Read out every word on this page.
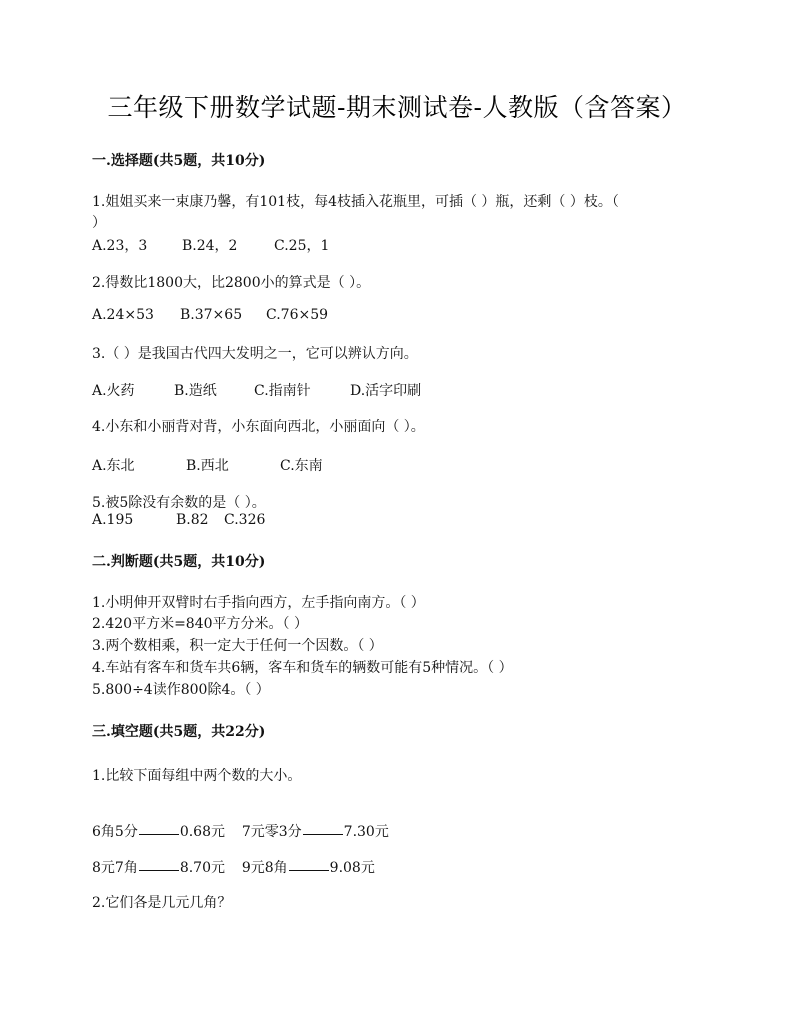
三年级下册数学试题-期末测试卷-人教版（含答案）
一.选择题(共5题，共10分)
1.姐姐买来一束康乃馨，有101枝，每4枝插入花瓶里，可插（ ）瓶，还剩（ ）枝。（
）
A.23，3 B.24，2	C.25，1
2.得数比1800大，比2800小的算式是（ ）。
A.24×53 B.37×65 C.76×59
3.（ ）是我国古代四大发明之一，它可以辨认方向。
A.火药	B.造纸	C.指南针	D.活字印刷
4.小东和小丽背对背，小东面向西北，小丽面向（ ）。
A.东北	B.西北	C.东南
5.被5除没有余数的是（ ）。
A.195	B.82 C.326
二.判断题(共5题，共10分)
1.小明伸开双臂时右手指向西方，左手指向南方。（ ）
2.420平方米=840平方分米。（ ）
3.两个数相乘，积一定大于任何一个因数。（ ）
4.车站有客车和货车共6辆，客车和货车的辆数可能有5种情况。（ ）
5.800÷4读作800除4。（ ）
三.填空题(共5题，共22分)
1.比较下面每组中两个数的大小。
6角5分	0.68元 7元零3分	7.30元
8元7角	8.70元 9元8角	9.08元
2.它们各是几元几角？
